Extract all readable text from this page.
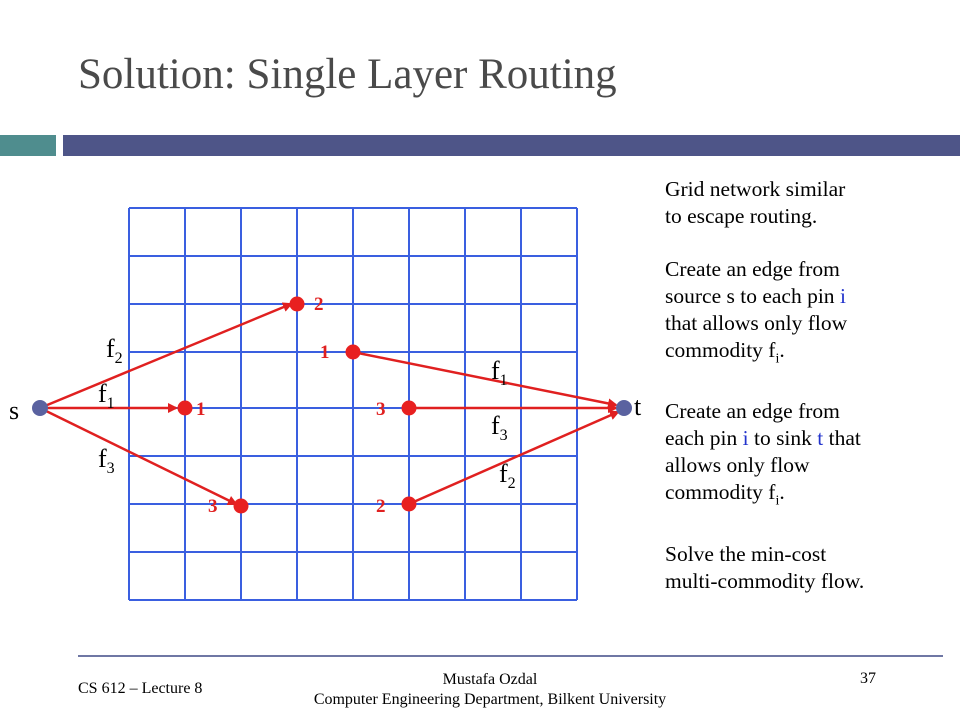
Solution: Single Layer Routing
2
1
1	3
3	2
s	t
$f_2$
$f_1$
$f_3$
$f_1$
$f_3$
$f_2$

Grid network similar
to escape routing.

Create an edge from
source s to each pin i
that allows only flow
commodity $f_i$.

Create an edge from
each pin i to sink t that
allows only flow
commodity $f_i$.

Solve the min-cost
multi-commodity flow.

CS 612 – Lecture 8
Mustafa Ozdal
Computer Engineering Department, Bilkent University
37
